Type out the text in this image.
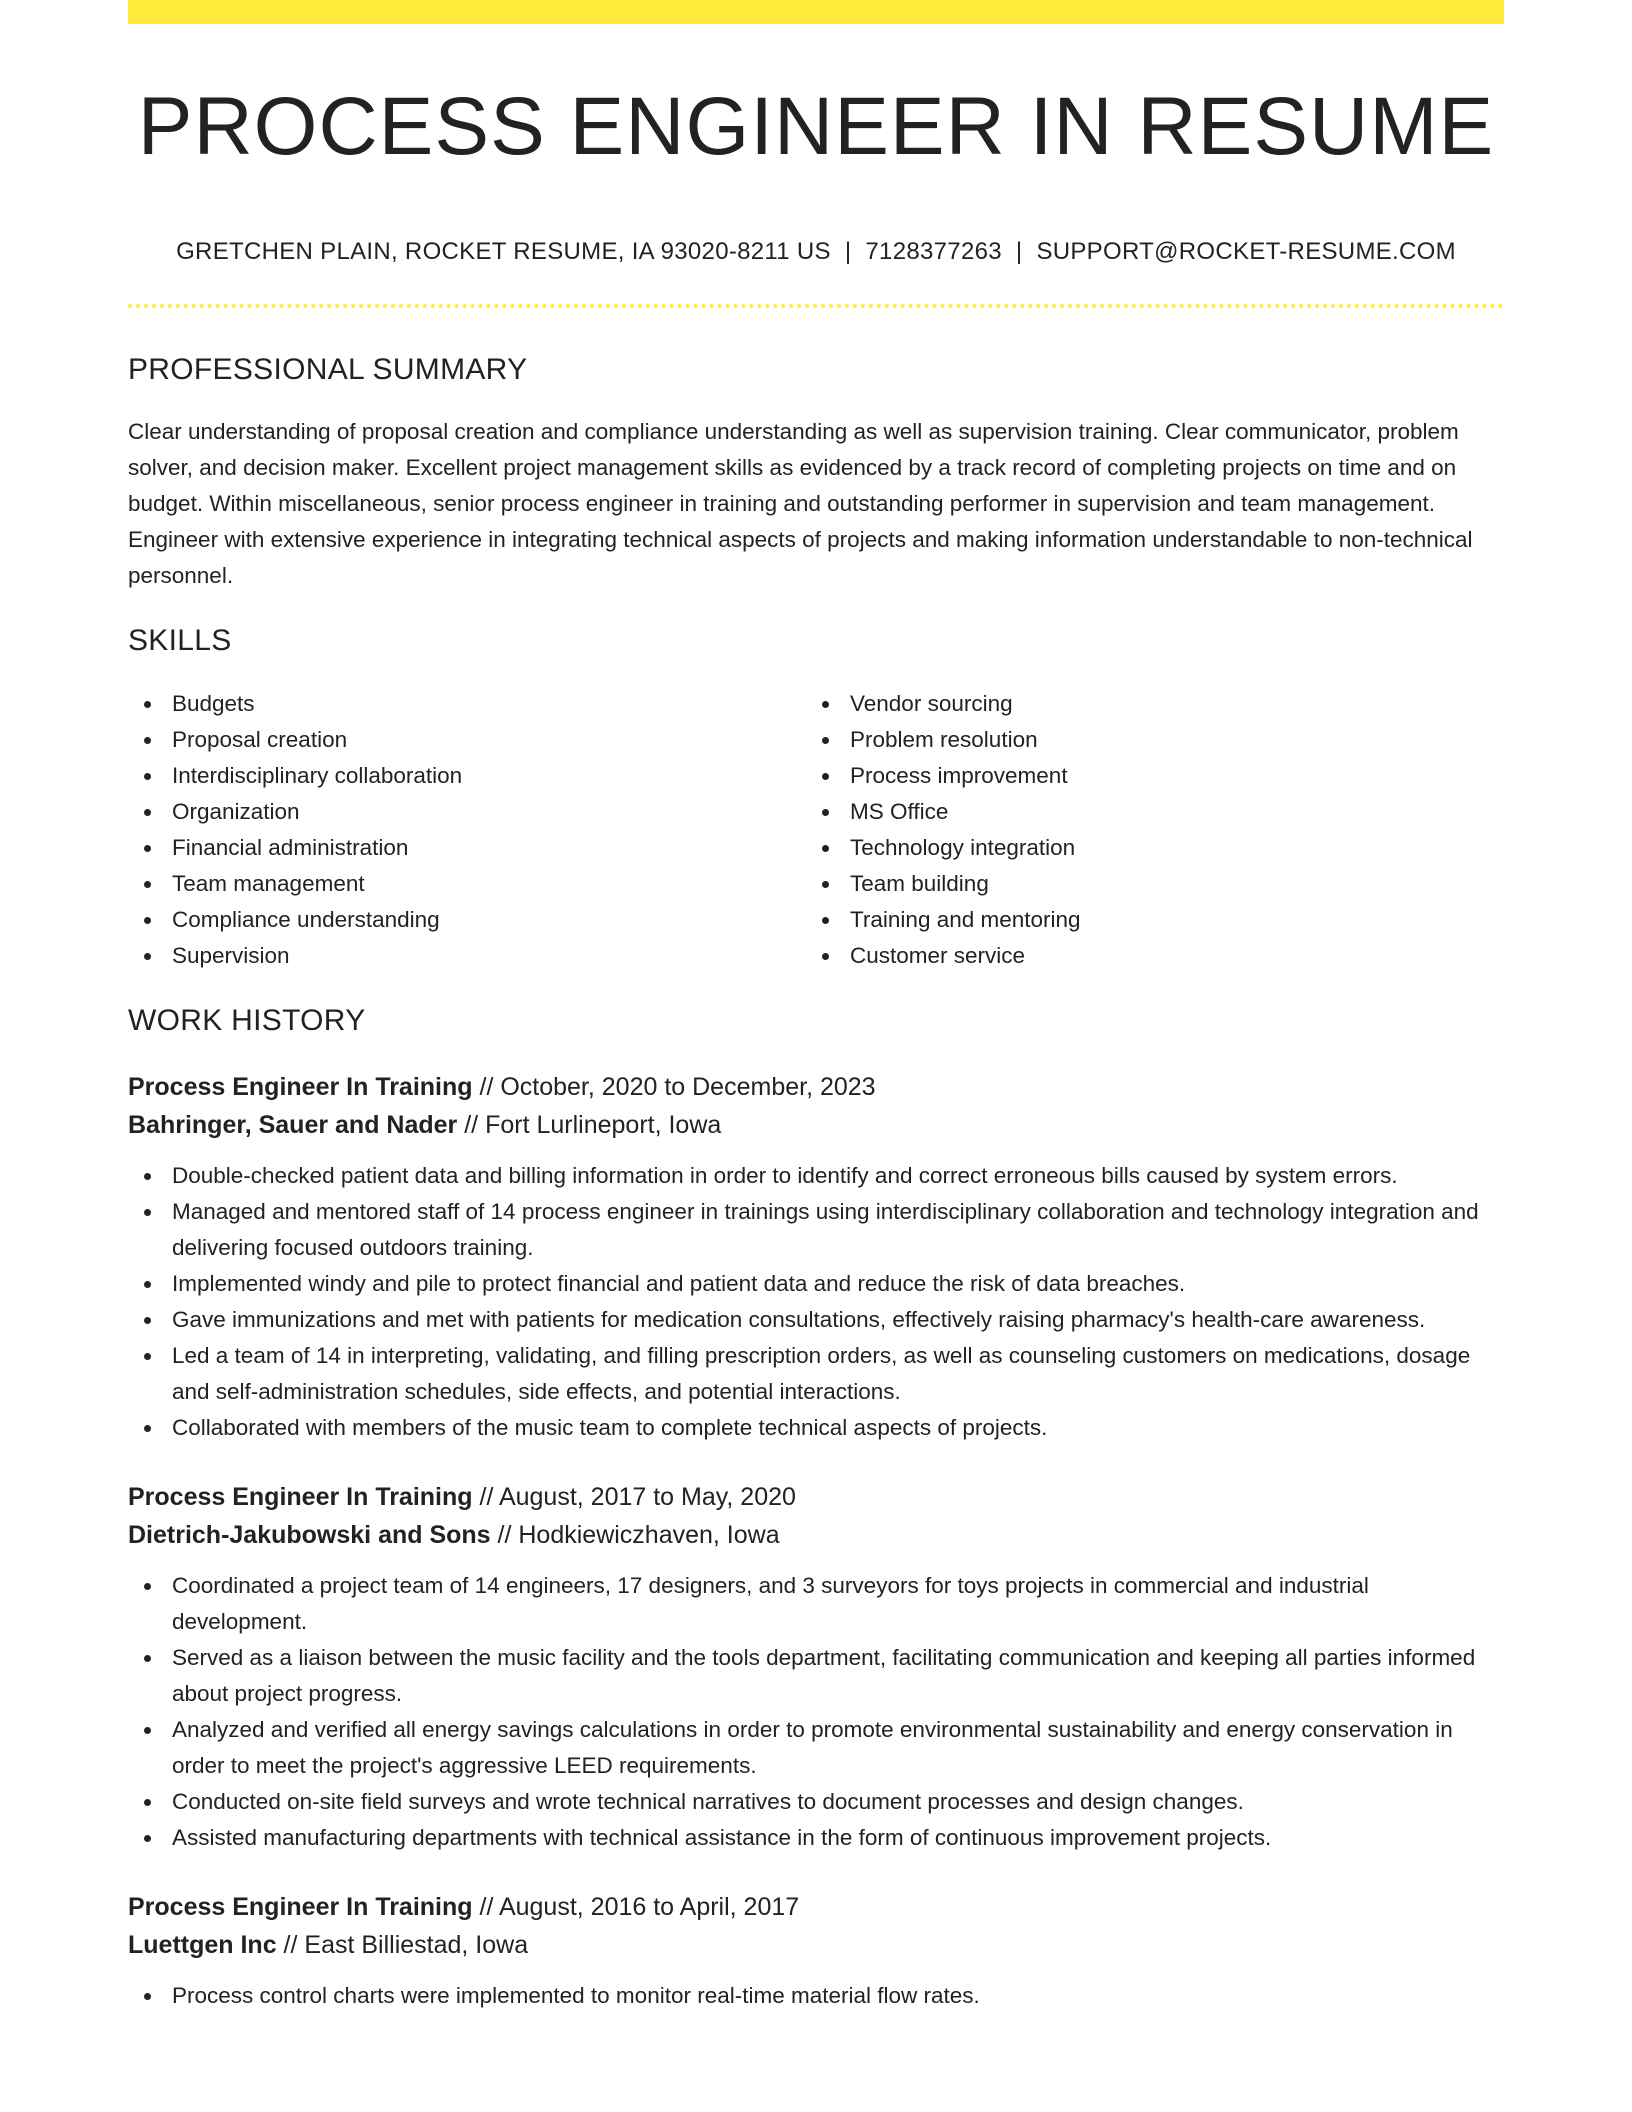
PROCESS ENGINEER IN RESUME
GRETCHEN PLAIN, ROCKET RESUME, IA 93020-8211 US | 7128377263 | SUPPORT@ROCKET-RESUME.COM
PROFESSIONAL SUMMARY
Clear understanding of proposal creation and compliance understanding as well as supervision training. Clear communicator, problem solver, and decision maker. Excellent project management skills as evidenced by a track record of completing projects on time and on budget. Within miscellaneous, senior process engineer in training and outstanding performer in supervision and team management. Engineer with extensive experience in integrating technical aspects of projects and making information understandable to non-technical personnel.
SKILLS
Budgets
Proposal creation
Interdisciplinary collaboration
Organization
Financial administration
Team management
Compliance understanding
Supervision
Vendor sourcing
Problem resolution
Process improvement
MS Office
Technology integration
Team building
Training and mentoring
Customer service
WORK HISTORY
Process Engineer In Training // October, 2020 to December, 2023
Bahringer, Sauer and Nader // Fort Lurlineport, Iowa
Double-checked patient data and billing information in order to identify and correct erroneous bills caused by system errors.
Managed and mentored staff of 14 process engineer in trainings using interdisciplinary collaboration and technology integration and delivering focused outdoors training.
Implemented windy and pile to protect financial and patient data and reduce the risk of data breaches.
Gave immunizations and met with patients for medication consultations, effectively raising pharmacy's health-care awareness.
Led a team of 14 in interpreting, validating, and filling prescription orders, as well as counseling customers on medications, dosage and self-administration schedules, side effects, and potential interactions.
Collaborated with members of the music team to complete technical aspects of projects.
Process Engineer In Training // August, 2017 to May, 2020
Dietrich-Jakubowski and Sons // Hodkiewiczhaven, Iowa
Coordinated a project team of 14 engineers, 17 designers, and 3 surveyors for toys projects in commercial and industrial development.
Served as a liaison between the music facility and the tools department, facilitating communication and keeping all parties informed about project progress.
Analyzed and verified all energy savings calculations in order to promote environmental sustainability and energy conservation in order to meet the project's aggressive LEED requirements.
Conducted on-site field surveys and wrote technical narratives to document processes and design changes.
Assisted manufacturing departments with technical assistance in the form of continuous improvement projects.
Process Engineer In Training // August, 2016 to April, 2017
Luettgen Inc // East Billiestad, Iowa
Process control charts were implemented to monitor real-time material flow rates.
